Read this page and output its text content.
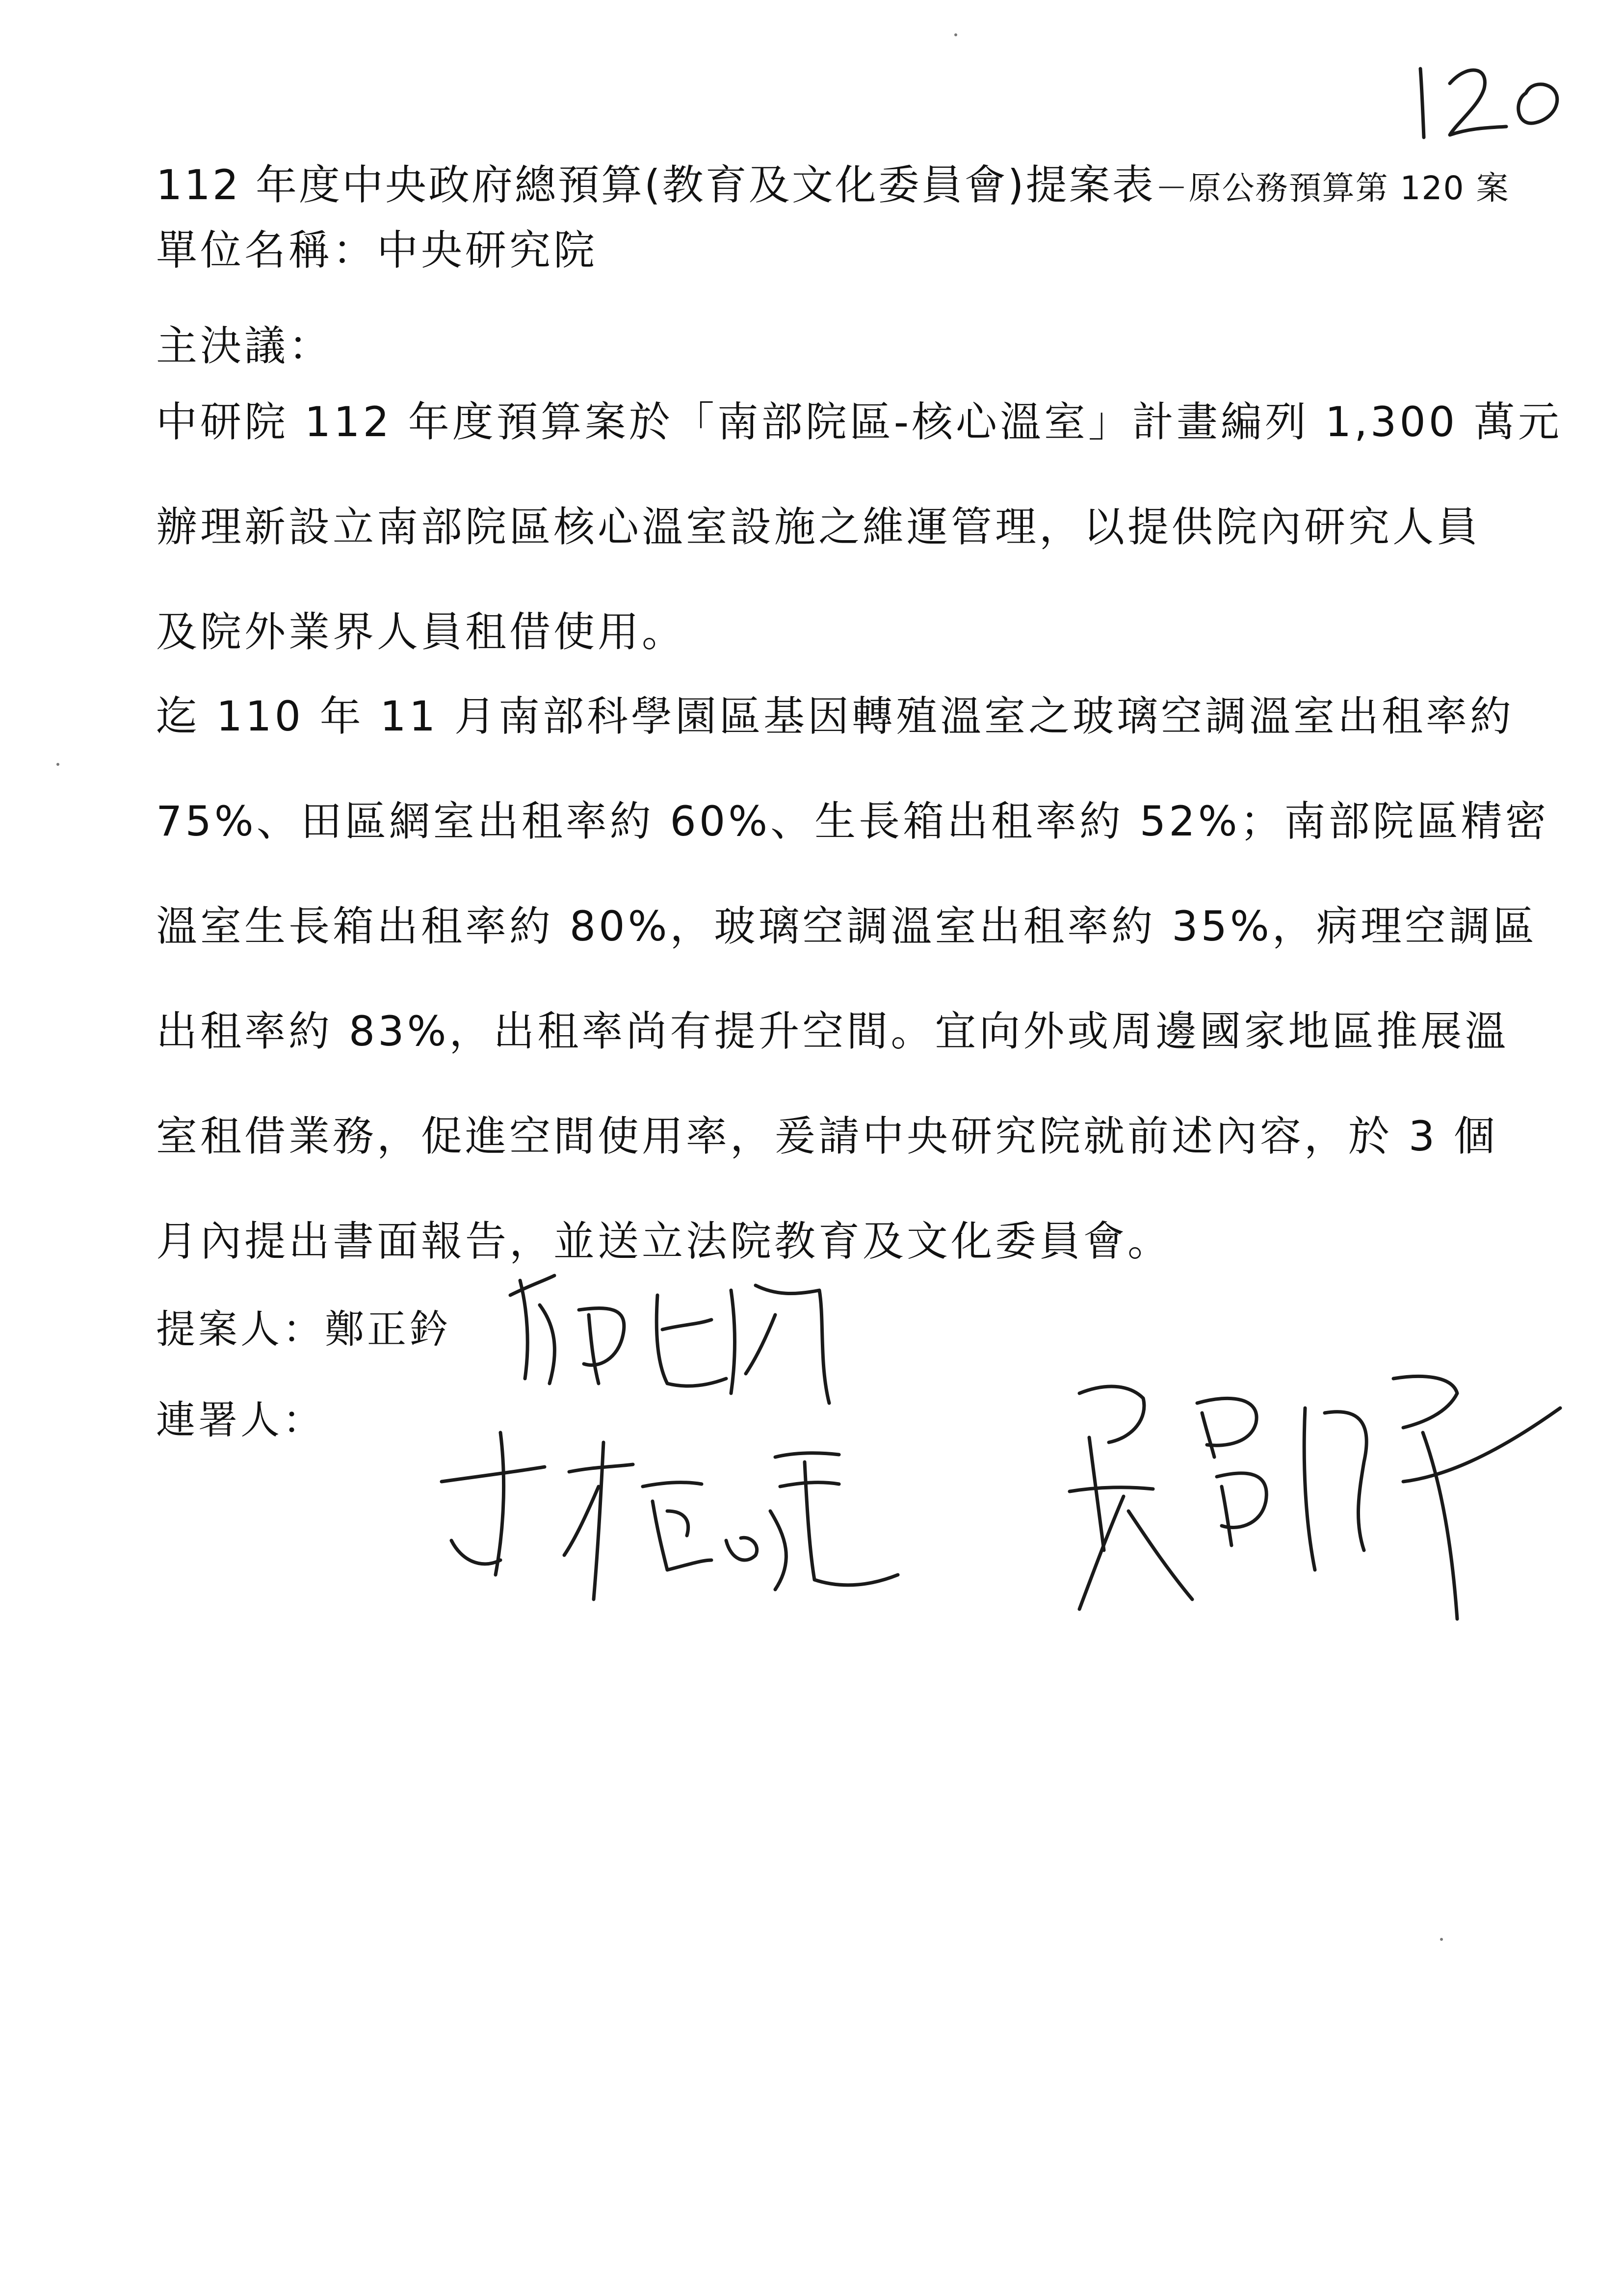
112 年度中央政府總預算(教育及文化委員會)提案表－原公務預算第 120 案
單位名稱：中央研究院
主決議：
中研院 112 年度預算案於「南部院區-核心溫室」計畫編列 1,300 萬元
辦理新設立南部院區核心溫室設施之維運管理，以提供院內研究人員
及院外業界人員租借使用。
迄 110 年 11 月南部科學園區基因轉殖溫室之玻璃空調溫室出租率約
75%、田區網室出租率約 60%、生長箱出租率約 52%；南部院區精密
溫室生長箱出租率約 80%，玻璃空調溫室出租率約 35%，病理空調區
出租率約 83%，出租率尚有提升空間。宜向外或周邊國家地區推展溫
室租借業務，促進空間使用率，爰請中央研究院就前述內容，於 3 個
月內提出書面報告，並送立法院教育及文化委員會。
提案人：鄭正鈐
連署人：
